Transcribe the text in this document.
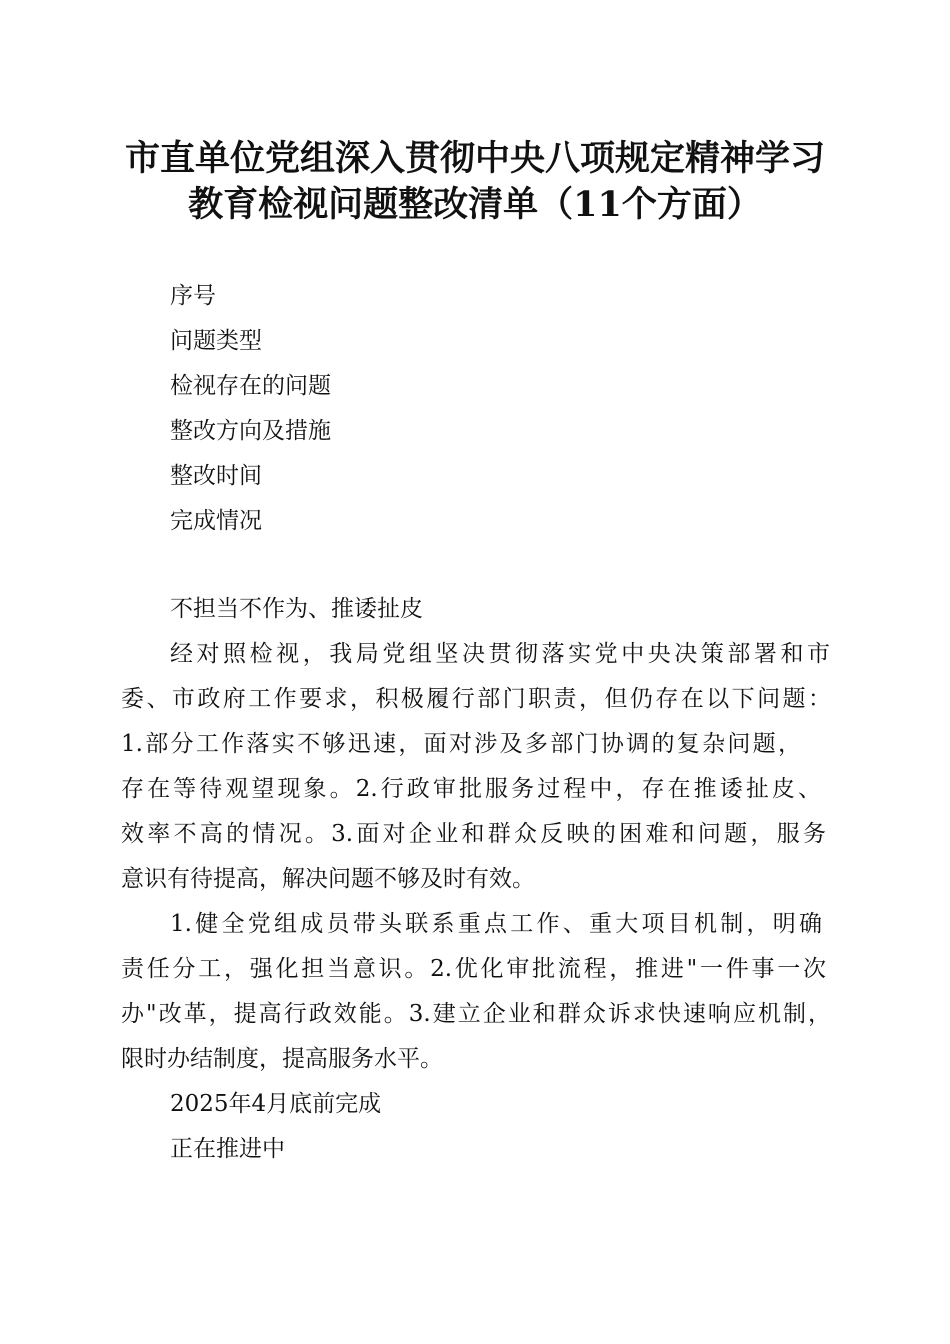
市直单位党组深入贯彻中央八项规定精神学习
教育检视问题整改清单（11个方面）
序号
问题类型
检视存在的问题
整改方向及措施
整改时间
完成情况
不担当不作为、推诿扯皮
经对照检视，我局党组坚决贯彻落实党中央决策部署和市
委、市政府工作要求，积极履行部门职责，但仍存在以下问题：
1.部分工作落实不够迅速，面对涉及多部门协调的复杂问题，
存在等待观望现象。2.行政审批服务过程中，存在推诿扯皮、
效率不高的情况。3.面对企业和群众反映的困难和问题，服务
意识有待提高，解决问题不够及时有效。
1.健全党组成员带头联系重点工作、重大项目机制，明确
责任分工，强化担当意识。2.优化审批流程，推进"一件事一次
办"改革，提高行政效能。3.建立企业和群众诉求快速响应机制，
限时办结制度，提高服务水平。
2025年4月底前完成
正在推进中
